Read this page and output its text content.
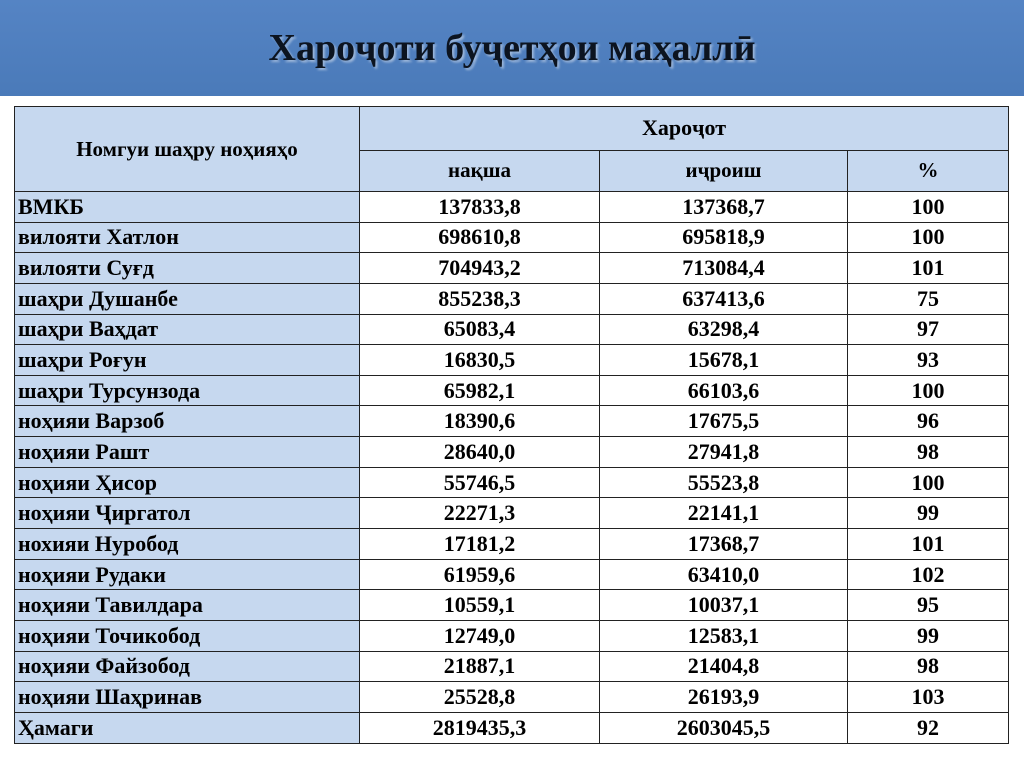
Хароҷоти буҷетҳои маҳаллӣ
Номгуи шаҳру ноҳияҳо	Хароҷот		
	нақша	иҷроиш	%
ВМКБ	137833,8	137368,7	100
вилояти Хатлон	698610,8	695818,9	100
вилояти Суғд	704943,2	713084,4	101
шаҳри Душанбе	855238,3	637413,6	75
шаҳри Ваҳдат	65083,4	63298,4	97
шаҳри Роғун	16830,5	15678,1	93
шаҳри Турсунзода	65982,1	66103,6	100
ноҳияи Варзоб	18390,6	17675,5	96
ноҳияи Рашт	28640,0	27941,8	98
ноҳияи Ҳисор	55746,5	55523,8	100
ноҳияи Ҷиргатол	22271,3	22141,1	99
нохияи Нуробод	17181,2	17368,7	101
ноҳияи Рудаки	61959,6	63410,0	102
ноҳияи Тавилдара	10559,1	10037,1	95
ноҳияи Точикобод	12749,0	12583,1	99
ноҳияи Файзобод	21887,1	21404,8	98
ноҳияи Шаҳринав	25528,8	26193,9	103
Ҳамаги	2819435,3	2603045,5	92
